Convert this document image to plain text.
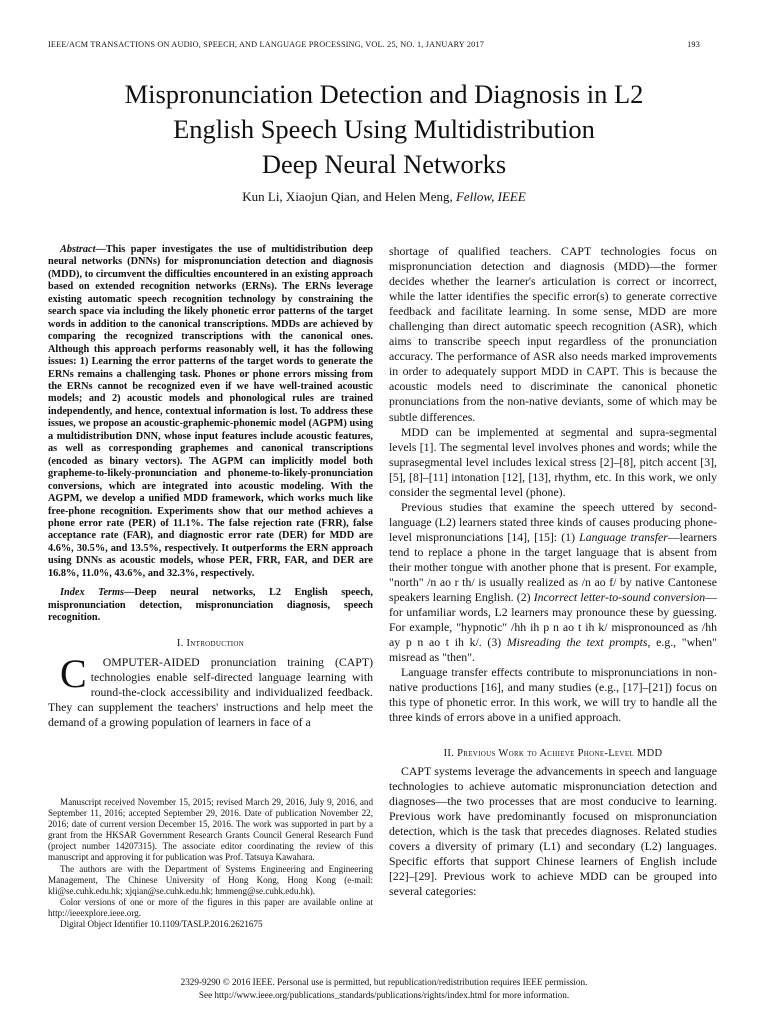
IEEE/ACM TRANSACTIONS ON AUDIO, SPEECH, AND LANGUAGE PROCESSING, VOL. 25, NO. 1, JANUARY 2017	193
Mispronunciation Detection and Diagnosis in L2
English Speech Using Multidistribution
Deep Neural Networks
Kun Li, Xiaojun Qian, and Helen Meng, Fellow, IEEE
Abstract—This paper investigates the use of multidistribution deep neural networks (DNNs) for mispronunciation detection and diagnosis (MDD), to circumvent the difficulties encountered in an existing approach based on extended recognition networks (ERNs). The ERNs leverage existing automatic speech recognition technology by constraining the search space via including the likely phonetic error patterns of the target words in addition to the canonical transcriptions. MDDs are achieved by comparing the recognized transcriptions with the canonical ones. Although this approach performs reasonably well, it has the following issues: 1) Learning the error patterns of the target words to generate the ERNs remains a challenging task. Phones or phone errors missing from the ERNs cannot be recognized even if we have well-trained acoustic models; and 2) acoustic models and phonological rules are trained independently, and hence, contextual information is lost. To address these issues, we propose an acoustic-graphemic-phonemic model (AGPM) using a multidistribution DNN, whose input features include acoustic features, as well as corresponding graphemes and canonical transcriptions (encoded as binary vectors). The AGPM can implicitly model both grapheme-to-likely-pronunciation and phoneme-to-likely-pronunciation conversions, which are integrated into acoustic modeling. With the AGPM, we develop a unified MDD framework, which works much like free-phone recognition. Experiments show that our method achieves a phone error rate (PER) of 11.1%. The false rejection rate (FRR), false acceptance rate (FAR), and diagnostic error rate (DER) for MDD are 4.6%, 30.5%, and 13.5%, respectively. It outperforms the ERN approach using DNNs as acoustic models, whose PER, FRR, FAR, and DER are 16.8%, 11.0%, 43.6%, and 32.3%, respectively.
Index Terms—Deep neural networks, L2 English speech, mispronunciation detection, mispronunciation diagnosis, speech recognition.
I. Introduction

C OMPUTER-AIDED pronunciation training (CAPT) technologies enable self-directed language learning with round-the-clock accessibility and individualized feedback. They can supplement the teachers' instructions and help meet the demand of a growing population of learners in face of a

Manuscript received November 15, 2015; revised March 29, 2016, July 9, 2016, and September 11, 2016; accepted September 29, 2016. Date of publication November 22, 2016; date of current version December 15, 2016. The work was supported in part by a grant from the HKSAR Government Research Grants Council General Research Fund (project number 14207315). The associate editor coordinating the review of this manuscript and approving it for publication was Prof. Tatsuya Kawahara.

The authors are with the Department of Systems Engineering and Engineering Management, The Chinese University of Hong Kong, Hong Kong (e-mail: kli@se.cuhk.edu.hk; xjqian@se.cuhk.edu.hk; hmmeng@se.cuhk.edu.hk).

Color versions of one or more of the figures in this paper are available online at http://ieeexplore.ieee.org.

Digital Object Identifier 10.1109/TASLP.2016.2621675

shortage of qualified teachers. CAPT technologies focus on mispronunciation detection and diagnosis (MDD)—the former decides whether the learner's articulation is correct or incorrect, while the latter identifies the specific error(s) to generate corrective feedback and facilitate learning. In some sense, MDD are more challenging than direct automatic speech recognition (ASR), which aims to transcribe speech input regardless of the pronunciation accuracy. The performance of ASR also needs marked improvements in order to adequately support MDD in CAPT. This is because the acoustic models need to discriminate the canonical phonetic pronunciations from the non-native deviants, some of which may be subtle differences.

MDD can be implemented at segmental and supra-segmental levels [1]. The segmental level involves phones and words; while the suprasegmental level includes lexical stress [2]–[8], pitch accent [3], [5], [8]–[11] intonation [12], [13], rhythm, etc. In this work, we only consider the segmental level (phone).

Previous studies that examine the speech uttered by second-language (L2) learners stated three kinds of causes producing phone-level mispronunciations [14], [15]: (1) Language transfer—learners tend to replace a phone in the target language that is absent from their mother tongue with another phone that is present. For example, "north" /n ao r th/ is usually realized as /n ao f/ by native Cantonese speakers learning English. (2) Incorrect letter-to-sound conversion—for unfamiliar words, L2 learners may pronounce these by guessing. For example, "hypnotic" /hh ih p n ao t ih k/ mispronounced as /hh ay p n ao t ih k/. (3) Misreading the text prompts, e.g., "when" misread as "then".

Language transfer effects contribute to mispronunciations in non-native productions [16], and many studies (e.g., [17]–[21]) focus on this type of phonetic error. In this work, we will try to handle all the three kinds of errors above in a unified approach.

II. Previous Work to Achieve Phone-Level MDD

CAPT systems leverage the advancements in speech and language technologies to achieve automatic mispronunciation detection and diagnoses—the two processes that are most conducive to learning. Previous work have predominantly focused on mispronunciation detection, which is the task that precedes diagnoses. Related studies covers a diversity of primary (L1) and secondary (L2) languages. Specific efforts that support Chinese learners of English include [22]–[29]. Previous work to achieve MDD can be grouped into several categories:

2329-9290 © 2016 IEEE. Personal use is permitted, but republication/redistribution requires IEEE permission.
See http://www.ieee.org/publications_standards/publications/rights/index.html for more information.
